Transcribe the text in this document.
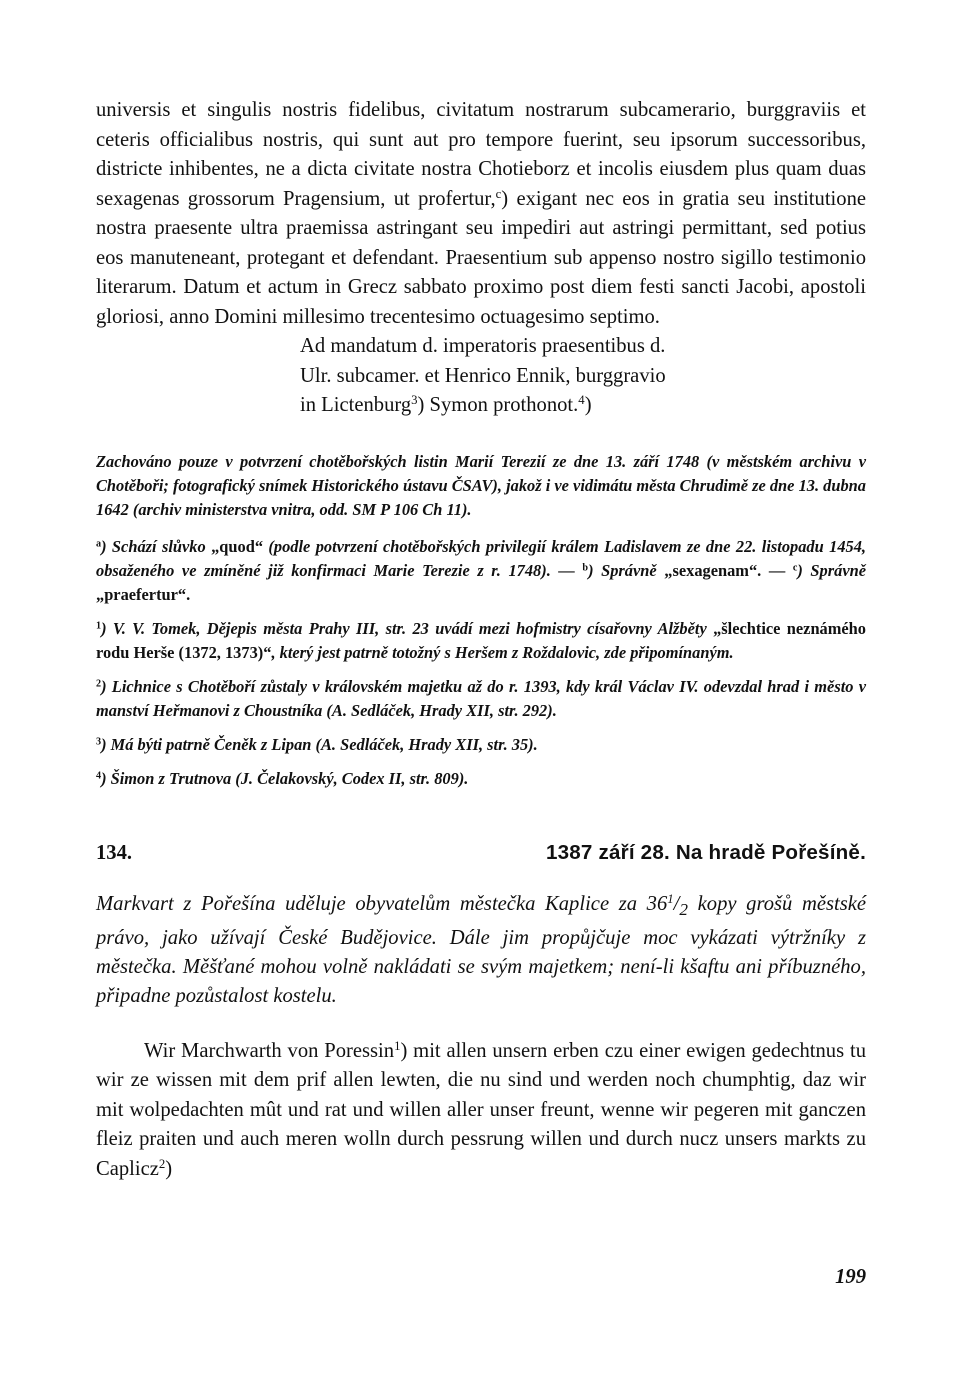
universis et singulis nostris fidelibus, civitatum nostrarum subcamerario, burggraviis et ceteris officialibus nostris, qui sunt aut pro tempore fuerint, seu ipsorum successoribus, districte inhibentes, ne a dicta civitate nostra Chotieborz et incolis eiusdem plus quam duas sexagenas grossorum Pragensium, ut profertur,$^c$) exigant nec eos in gratia seu institutione nostra praesente ultra praemissa astringant seu impediri aut astringi permittant, sed potius eos manuteneant, protegant et defendant. Praesentium sub appenso nostro sigillo testimonio literarum. Datum et actum in Grecz sabbato proximo post diem festi sancti Jacobi, apostoli gloriosi, anno Domini millesimo trecentesimo octuagesimo septimo.

Ad mandatum d. imperatoris praesentibus d.
Ulr. subcamer. et Henrico Ennik, burggravio
in Lictenburg$^3$) Symon prothonot.$^4$)
Zachováno pouze v potvrzení chotěbořských listin Marií Terezií ze dne 13. září 1748 (v městském archivu v Chotěboři; fotografický snímek Historického ústavu ČSAV), jakož i ve vidimátu města Chrudimě ze dne 13. dubna 1642 (archiv ministerstva vnitra, odd. SM P 106 Ch 11).

$^a$) Schází slůvko „quod“ (podle potvrzení chotěbořských privilegií králem Ladislavem ze dne 22. listopadu 1454, obsaženého ve zmíněné již konfirmaci Marie Terezie z r. 1748). — $^b$) Správně „sexagenam“. — $^c$) Správně „praefertur“.

$^1$) V. V. Tomek, Dějepis města Prahy III, str. 23 uvádí mezi hofmistry císařovny Alžběty „šlechtice neznámého rodu Herše (1372, 1373)“, který jest patrně totožný s Heršem z Roždalovic, zde připomínaným.

$^2$) Lichnice s Chotěboří zůstaly v královském majetku až do r. 1393, kdy král Václav IV. odevzdal hrad i město v manství Heřmanovi z Choustníka (A. Sedláček, Hrady XII, str. 292).

$^3$) Má býti patrně Čeněk z Lipan (A. Sedláček, Hrady XII, str. 35).

$^4$) Šimon z Trutnova (J. Čelakovský, Codex II, str. 809).

134.	1387 září 28. Na hradě Pořešíně.
Markvart z Pořešína uděluje obyvatelům městečka Kaplice za $36^1/_2$ kopy grošů městské právo, jako užívají České Budějovice. Dále jim propůjčuje moc vykázati výtržníky z městečka. Měšťané mohou volně nakládati se svým majetkem; není-li kšaftu ani příbuzného, připadne pozůstalost kostelu.
Wir Marchwarth von Poressin$^1$) mit allen unsern erben czu einer ewigen gedechtnus tu wir ze wissen mit dem prif allen lewten, die nu sind und werden noch chumphtig, daz wir mit wolpedachten mût und rat und willen aller unser freunt, wenne wir pegeren mit ganczen fleiz praiten und auch meren wolln durch pessrung willen und durch nucz unsers markts zu Caplicz$^2$)
199
